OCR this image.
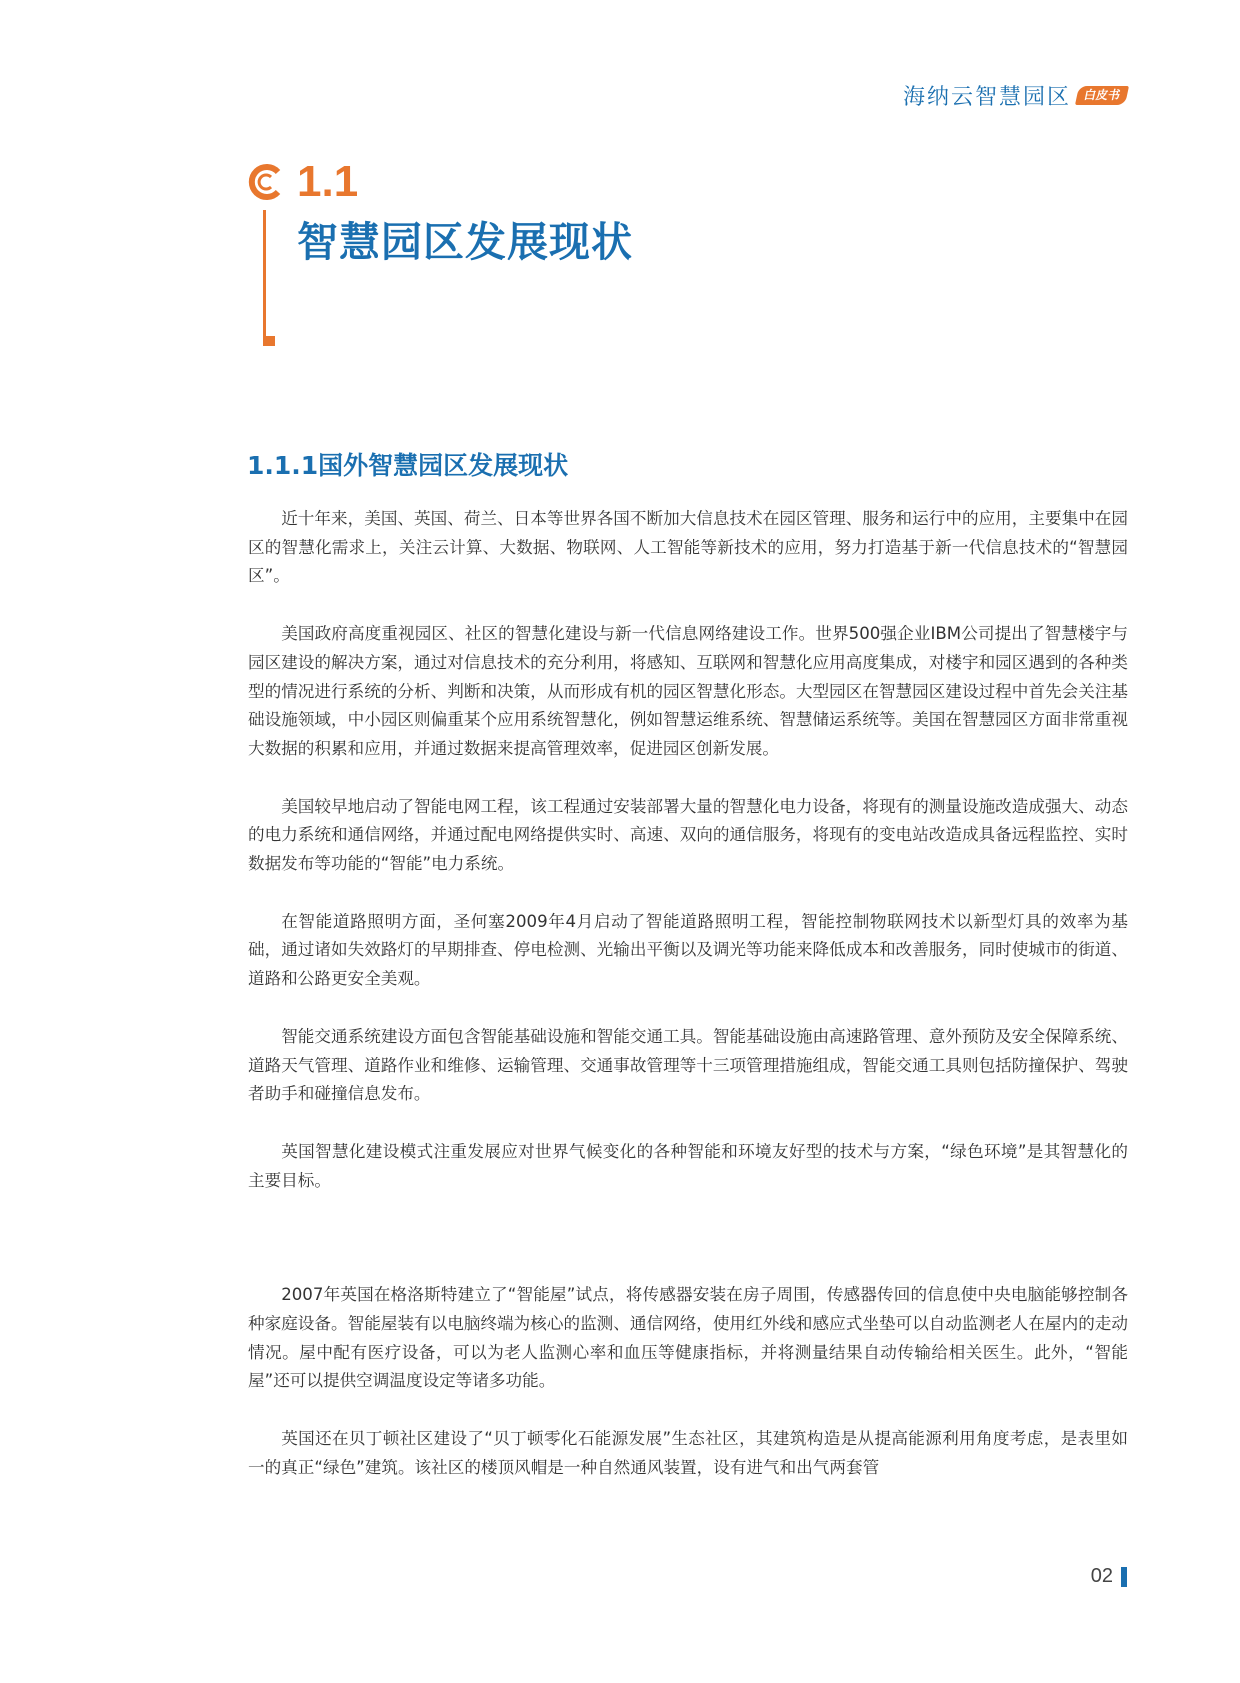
海纳云智慧园区 白皮书
1.1
智慧园区发展现状
1.1.1国外智慧园区发展现状

近十年来，美国、英国、荷兰、日本等世界各国不断加大信息技术在园区管理、服务和运行中的应用，主要集中在园区的智慧化需求上，关注云计算、大数据、物联网、人工智能等新技术的应用，努力打造基于新一代信息技术的“智慧园区”。

美国政府高度重视园区、社区的智慧化建设与新一代信息网络建设工作。世界500强企业IBM公司提出了智慧楼宇与园区建设的解决方案，通过对信息技术的充分利用，将感知、互联网和智慧化应用高度集成，对楼宇和园区遇到的各种类型的情况进行系统的分析、判断和决策，从而形成有机的园区智慧化形态。大型园区在智慧园区建设过程中首先会关注基础设施领域，中小园区则偏重某个应用系统智慧化，例如智慧运维系统、智慧储运系统等。美国在智慧园区方面非常重视大数据的积累和应用，并通过数据来提高管理效率，促进园区创新发展。

美国较早地启动了智能电网工程，该工程通过安装部署大量的智慧化电力设备，将现有的测量设施改造成强大、动态的电力系统和通信网络，并通过配电网络提供实时、高速、双向的通信服务，将现有的变电站改造成具备远程监控、实时数据发布等功能的“智能”电力系统。

在智能道路照明方面，圣何塞2009年4月启动了智能道路照明工程，智能控制物联网技术以新型灯具的效率为基础，通过诸如失效路灯的早期排查、停电检测、光输出平衡以及调光等功能来降低成本和改善服务，同时使城市的街道、道路和公路更安全美观。

智能交通系统建设方面包含智能基础设施和智能交通工具。智能基础设施由高速路管理、意外预防及安全保障系统、道路天气管理、道路作业和维修、运输管理、交通事故管理等十三项管理措施组成，智能交通工具则包括防撞保护、驾驶者助手和碰撞信息发布。

英国智慧化建设模式注重发展应对世界气候变化的各种智能和环境友好型的技术与方案，“绿色环境”是其智慧化的主要目标。

2007年英国在格洛斯特建立了“智能屋”试点，将传感器安装在房子周围，传感器传回的信息使中央电脑能够控制各种家庭设备。智能屋装有以电脑终端为核心的监测、通信网络，使用红外线和感应式坐垫可以自动监测老人在屋内的走动情况。屋中配有医疗设备，可以为老人监测心率和血压等健康指标，并将测量结果自动传输给相关医生。此外，“智能屋”还可以提供空调温度设定等诸多功能。

英国还在贝丁顿社区建设了“贝丁顿零化石能源发展”生态社区，其建筑构造是从提高能源利用角度考虑，是表里如一的真正“绿色”建筑。该社区的楼顶风帽是一种自然通风装置，设有进气和出气两套管

02
